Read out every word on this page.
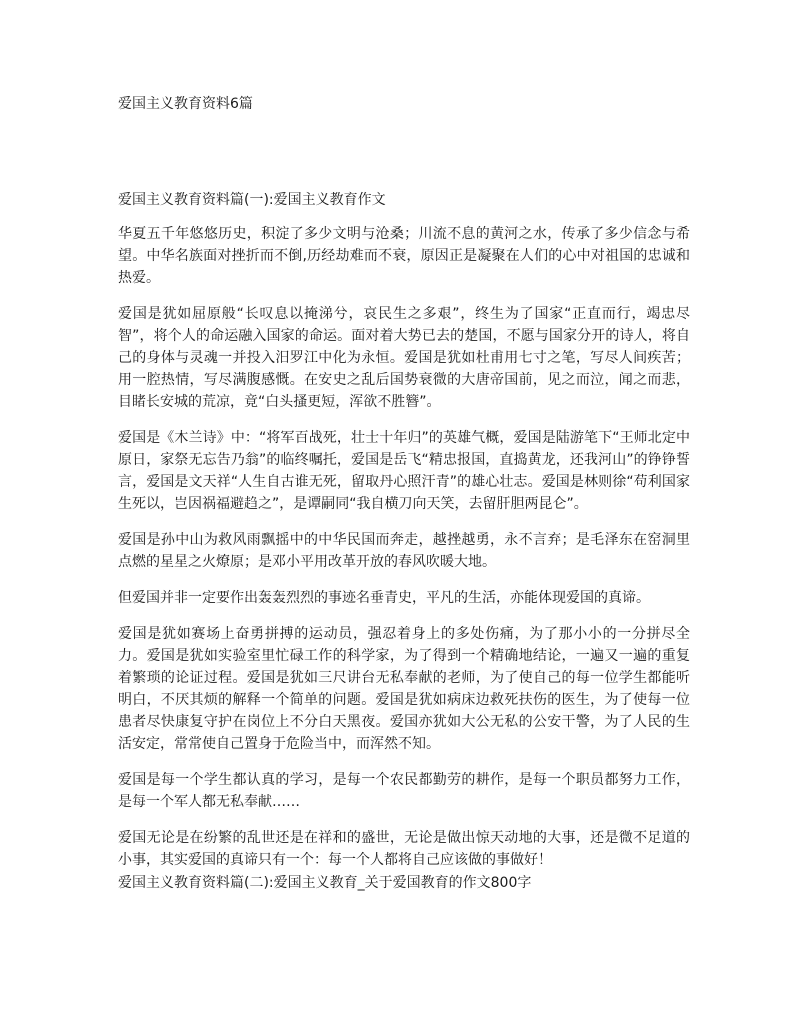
爱国主义教育资料6篇
爱国主义教育资料篇(一):爱国主义教育作文

华夏五千年悠悠历史，积淀了多少文明与沧桑；川流不息的黄河之水，传承了多少信念与希望。中华名族面对挫折而不倒,历经劫难而不衰，原因正是凝聚在人们的心中对祖国的忠诚和热爱。

爱国是犹如屈原般“长叹息以掩涕兮，哀民生之多艰”，终生为了国家“正直而行，竭忠尽智”，将个人的命运融入国家的命运。面对着大势已去的楚国，不愿与国家分开的诗人，将自己的身体与灵魂一并投入汨罗江中化为永恒。爱国是犹如杜甫用七寸之笔，写尽人间疾苦；用一腔热情，写尽满腹感慨。在安史之乱后国势衰微的大唐帝国前，见之而泣，闻之而悲，目睹长安城的荒凉，竟“白头搔更短，浑欲不胜簪”。

爱国是《木兰诗》中：“将军百战死，壮士十年归”的英雄气概，爱国是陆游笔下“王师北定中原日，家祭无忘告乃翁”的临终嘱托，爱国是岳飞“精忠报国，直捣黄龙，还我河山”的铮铮誓言，爱国是文天祥“人生自古谁无死，留取丹心照汗青”的雄心壮志。爱国是林则徐“苟利国家生死以，岂因祸福避趋之”，是谭嗣同“我自横刀向天笑，去留肝胆两昆仑”。

爱国是孙中山为救风雨飘摇中的中华民国而奔走，越挫越勇，永不言弃；是毛泽东在窑洞里点燃的星星之火燎原；是邓小平用改革开放的春风吹暖大地。

但爱国并非一定要作出轰轰烈烈的事迹名垂青史，平凡的生活，亦能体现爱国的真谛。

爱国是犹如赛场上奋勇拼搏的运动员，强忍着身上的多处伤痛，为了那小小的一分拼尽全力。爱国是犹如实验室里忙碌工作的科学家，为了得到一个精确地结论，一遍又一遍的重复着繁琐的论证过程。爱国是犹如三尺讲台无私奉献的老师，为了使自己的每一位学生都能听明白，不厌其烦的解释一个简单的问题。爱国是犹如病床边救死扶伤的医生，为了使每一位患者尽快康复守护在岗位上不分白天黑夜。爱国亦犹如大公无私的公安干警，为了人民的生活安定，常常使自己置身于危险当中，而浑然不知。

爱国是每一个学生都认真的学习，是每一个农民都勤劳的耕作，是每一个职员都努力工作，是每一个军人都无私奉献……

爱国无论是在纷繁的乱世还是在祥和的盛世，无论是做出惊天动地的大事，还是微不足道的小事，其实爱国的真谛只有一个：每一个人都将自己应该做的事做好！

爱国主义教育资料篇(二):爱国主义教育_关于爱国教育的作文800字
